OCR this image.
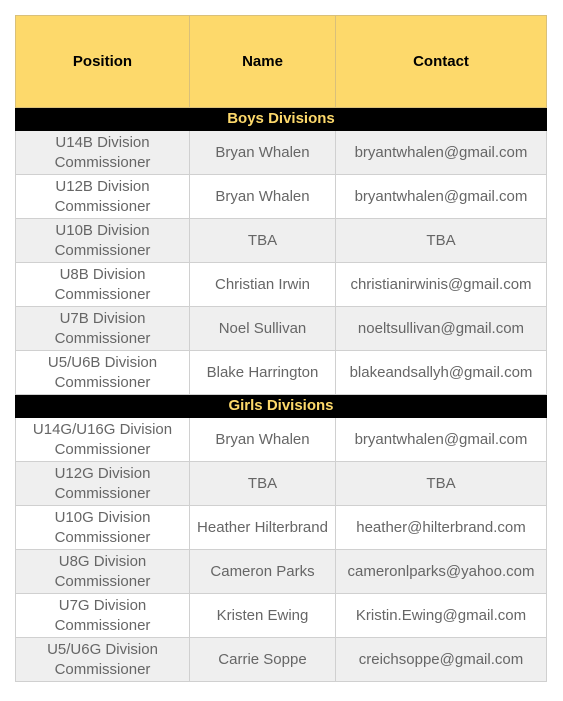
Position	Name	Contact
Boys Divisions		
U14B Division Commissioner	Bryan Whalen	bryantwhalen@gmail.com
U12B Division Commissioner	Bryan Whalen	bryantwhalen@gmail.com
U10B Division Commissioner	TBA	TBA
U8B Division Commissioner	Christian Irwin	christianirwinis@gmail.com
U7B Division Commissioner	Noel Sullivan	noeltsullivan@gmail.com
U5/U6B Division Commissioner	Blake Harrington	blakeandsallyh@gmail.com
Girls Divisions		
U14G/U16G Division Commissioner	Bryan Whalen	bryantwhalen@gmail.com
U12G Division Commissioner	TBA	TBA
U10G Division Commissioner	Heather Hilterbrand	heather@hilterbrand.com
U8G Division Commissioner	Cameron Parks	cameronlparks@yahoo.com
U7G Division Commissioner	Kristen Ewing	Kristin.Ewing@gmail.com
U5/U6G Division Commissioner	Carrie Soppe	creichsoppe@gmail.com
